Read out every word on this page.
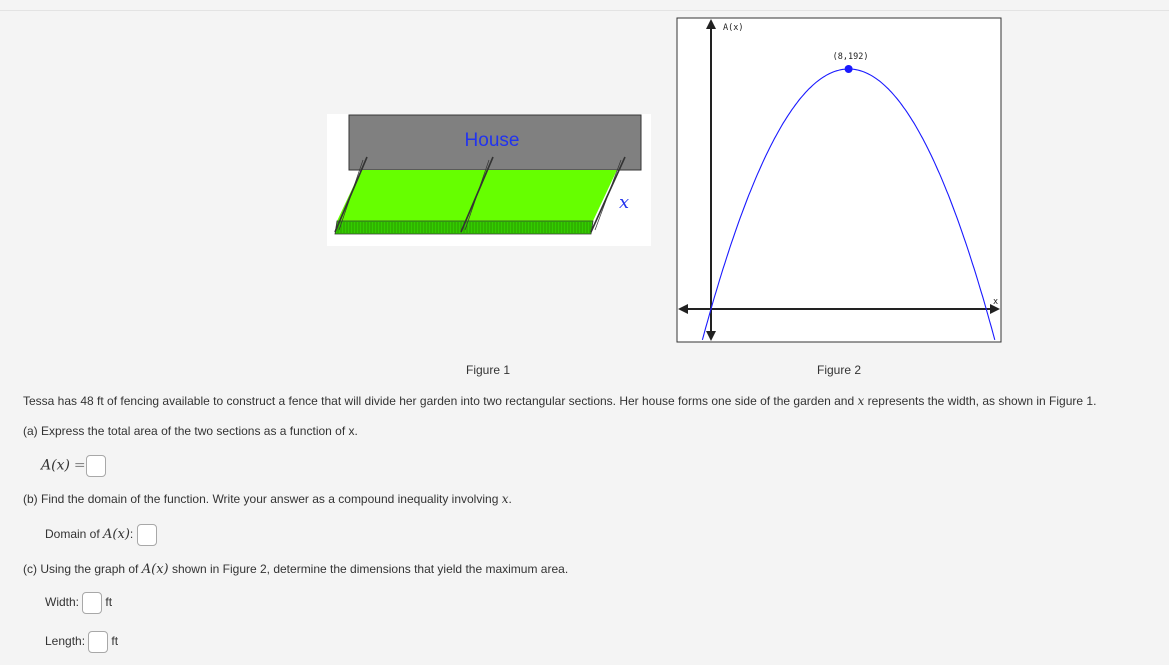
House
x
A(x)
x
(8,192)
Figure 1	Figure 2
Tessa has 48 ft of fencing available to construct a fence that will divide her garden into two rectangular sections. Her house forms one side of the garden and x represents the width, as shown in Figure 1.
(a) Express the total area of the two sections as a function of x.
A(x) =
(b) Find the domain of the function. Write your answer as a compound inequality involving x.
Domain of A(x):
(c) Using the graph of A(x) shown in Figure 2, determine the dimensions that yield the maximum area.
Width: ft
Length: ft
